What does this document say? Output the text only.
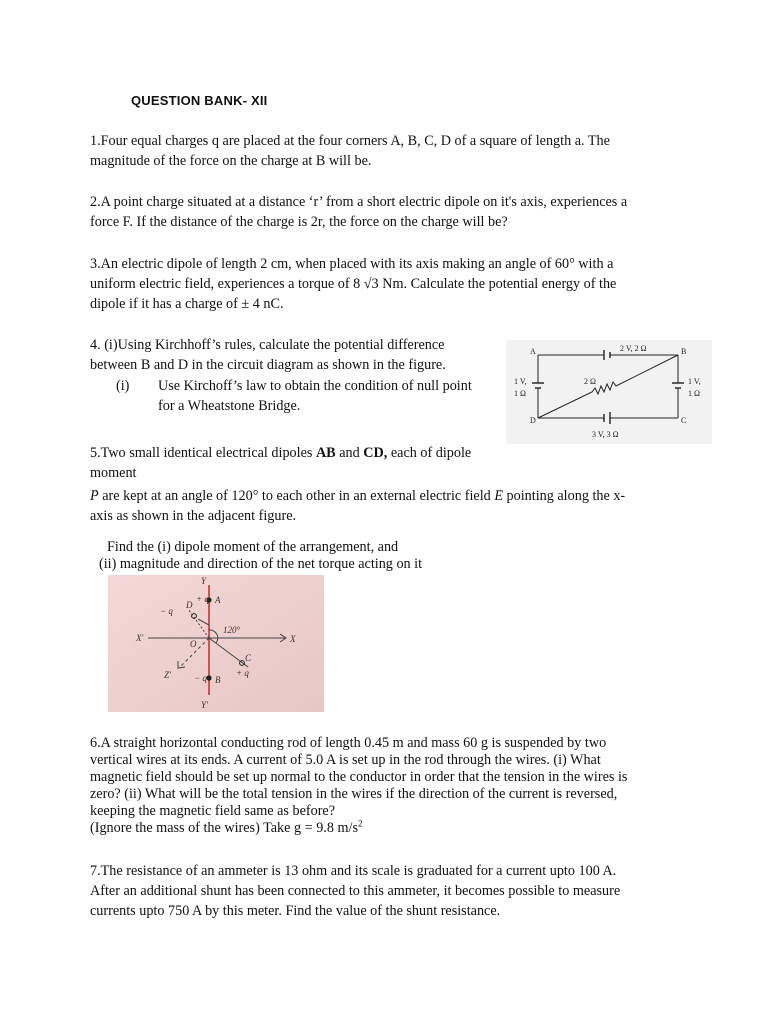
QUESTION BANK- XII
1.Four equal charges q are placed at the four corners A, B, C, D of a square of length a. The
magnitude of the force on the charge at B will be.
2.A point charge situated at a distance ‘r’ from a short electric dipole on it's axis, experiences a
force F. If the distance of the charge is 2r, the force on the charge will be?
3.An electric dipole of length 2 cm, when placed with its axis making an angle of 60° with a
uniform electric field, experiences a torque of 8 √3 Nm. Calculate the potential energy of the
dipole if it has a charge of ± 4 nC.
4. (i)Using Kirchhoff’s rules, calculate the potential difference
between B and D in the circuit diagram as shown in the figure.
(i) Use Kirchoff’s law to obtain the condition of null point
for a Wheatstone Bridge.
A	B
C
D
2 V, 2 Ω
3 V, 3 Ω
1 V,
1 Ω
1 V,
1 Ω
2 Ω
5.Two small identical electrical dipoles AB and CD, each of dipole
moment
→ P are kept at an angle of 120° to each other in an external electric field → E pointing along the x-
axis as shown in the adjacent figure.
Find the (i) dipole moment of the arrangement, and
(ii) magnitude and direction of the net torque acting on it
Y
Y'
X'	X
Z'
O
120°
A
B
C
D
+ q
− q	+ q
− q
6.A straight horizontal conducting rod of length 0.45 m and mass 60 g is suspended by two
vertical wires at its ends. A current of 5.0 A is set up in the rod through the wires. (i) What
magnetic field should be set up normal to the conductor in order that the tension in the wires is
zero? (ii) What will be the total tension in the wires if the direction of the current is reversed,
keeping the magnetic field same as before?
(Ignore the mass of the wires) Take g = 9.8 $m/s^2$
7.The resistance of an ammeter is 13 ohm and its scale is graduated for a current upto 100 A.
After an additional shunt has been connected to this ammeter, it becomes possible to measure
currents upto 750 A by this meter. Find the value of the shunt resistance.
